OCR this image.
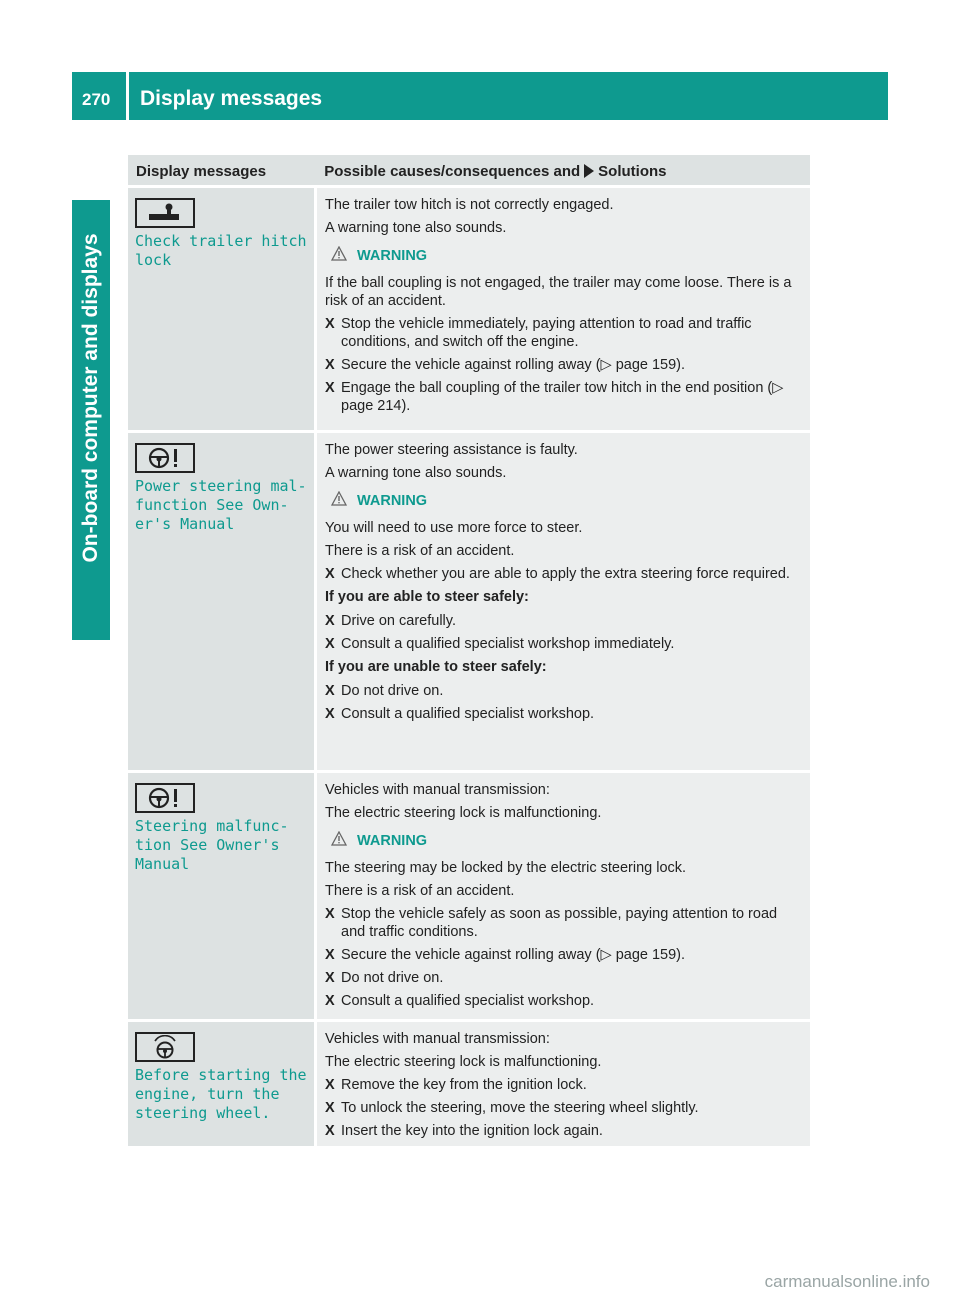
270 Display messages
On-board computer and displays
Display messages	Possible causes/consequences and Solutions
Check trailer hitch
lock
The trailer tow hitch is not correctly engaged.
A warning tone also sounds.
WARNING
If the ball coupling is not engaged, the trailer may come loose. There is a risk of an accident.
X Stop the vehicle immediately, paying attention to road and traffic conditions, and switch off the engine.
X Secure the vehicle against rolling away (▷ page 159).
X Engage the ball coupling of the trailer tow hitch in the end position (▷ page 214).
Power steering mal‐
function See Own‐
er's Manual
The power steering assistance is faulty.
A warning tone also sounds.
WARNING
You will need to use more force to steer.
There is a risk of an accident.
X Check whether you are able to apply the extra steering force required.
If you are able to steer safely:
X Drive on carefully.
X Consult a qualified specialist workshop immediately.
If you are unable to steer safely:
X Do not drive on.
X Consult a qualified specialist workshop.
Steering malfunc‐
tion See Owner's
Manual
Vehicles with manual transmission:
The electric steering lock is malfunctioning.
WARNING
The steering may be locked by the electric steering lock.
There is a risk of an accident.
X Stop the vehicle safely as soon as possible, paying attention to road and traffic conditions.
X Secure the vehicle against rolling away (▷ page 159).
X Do not drive on.
X Consult a qualified specialist workshop.
Before starting the
engine, turn the
steering wheel.
Vehicles with manual transmission:
The electric steering lock is malfunctioning.
X Remove the key from the ignition lock.
X To unlock the steering, move the steering wheel slightly.
X Insert the key into the ignition lock again.
carmanualsonline.info
